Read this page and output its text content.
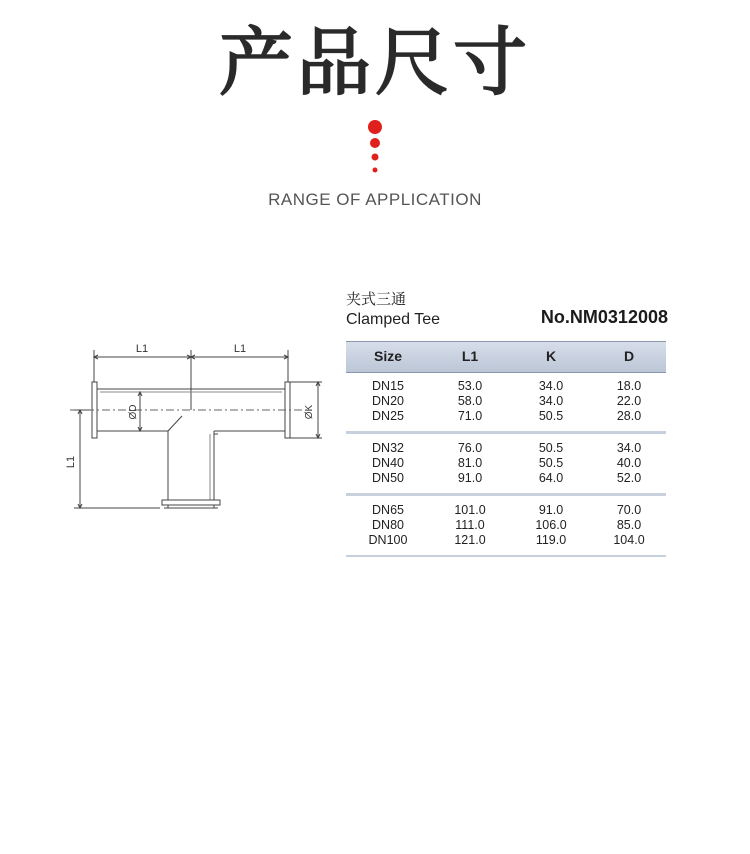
产品尺寸
RANGE OF APPLICATION
L1	L1
L1
ØD	ØK
夹式三通
Clamped Tee	No.NM0312008
Size	L1	K	D
DN15	53.0	34.0	18.0
DN20	58.0	34.0	22.0
DN25	71.0	50.5	28.0
DN32	76.0	50.5	34.0
DN40	81.0	50.5	40.0
DN50	91.0	64.0	52.0
DN65	101.0	91.0	70.0
DN80	111.0	106.0	85.0
DN100	121.0	119.0	104.0
